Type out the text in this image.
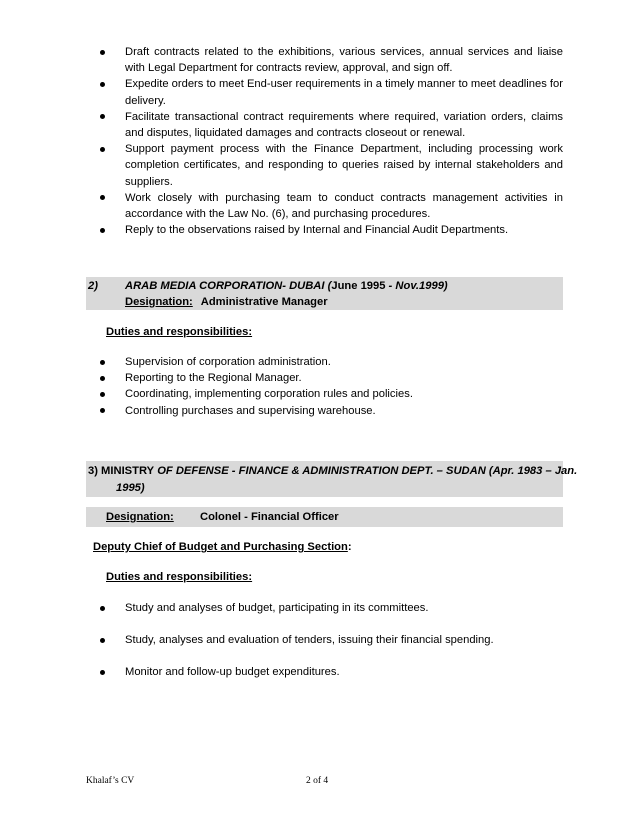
Draft contracts related to the exhibitions, various services, annual services and liaise with Legal Department for contracts review, approval, and sign off.
Expedite orders to meet End-user requirements in a timely manner to meet deadlines for delivery.
Facilitate transactional contract requirements where required, variation orders, claims and disputes, liquidated damages and contracts closeout or renewal.
Support payment process with the Finance Department, including processing work completion certificates, and responding to queries raised by internal stakeholders and suppliers.
Work closely with purchasing team to conduct contracts management activities in accordance with the Law No. (6), and purchasing procedures.
Reply to the observations raised by Internal and Financial Audit Departments.
2) ARAB MEDIA CORPORATION- DUBAI (June 1995 - Nov.1999)
Designation: Administrative Manager
Duties and responsibilities:
Supervision of corporation administration.
Reporting to the Regional Manager.
Coordinating, implementing corporation rules and policies.
Controlling purchases and supervising warehouse.
3) MINISTRY OF DEFENSE - FINANCE & ADMINISTRATION DEPT. – SUDAN (Apr. 1983 – Jan.
1995)
Designation: Colonel - Financial Officer
Deputy Chief of Budget and Purchasing Section:
Duties and responsibilities:
Study and analyses of budget, participating in its committees.
Study, analyses and evaluation of tenders, issuing their financial spending.
Monitor and follow-up budget expenditures.
Khalaf’s CV	2 of 4
